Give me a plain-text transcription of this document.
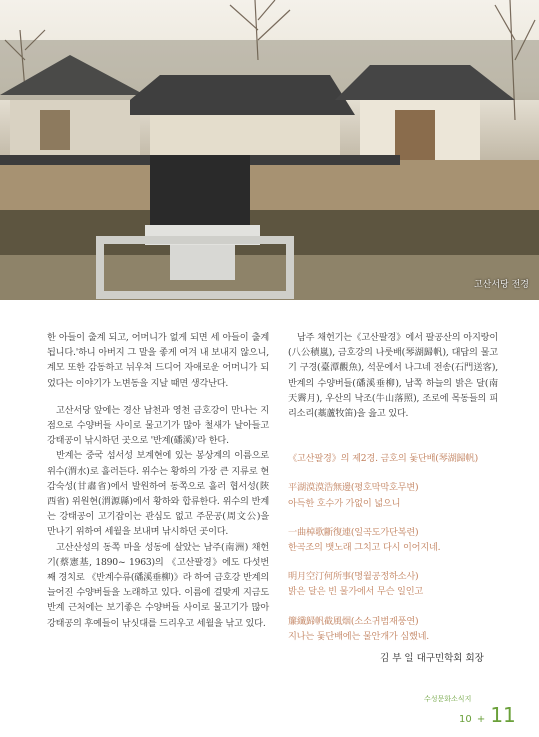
고산서당 전경

한 아들이 출계 되고, 어머니가 없게 되면 세 아들이 출계 됩니다.'하니 아버지 그 말을 좋게 여겨 내 보내지 않으니, 계모 또한 감동하고 뉘우쳐 드디어 자애로운 어머니가 되었다는 이야기가 노변동을 지날 때면 생각난다.

고산서당 앞에는 경산 남천과 영천 금호강이 만나는 지점으로 수양버들 사이로 물고기가 많아 철새가 날아들고 강태공이 낚시하던 곳으로 '반계(磻溪)'라 한다.

반계는 중국 섬서성 보계현에 있는 봉상계의 이름으로 위수(渭水)로 흘러든다. 위수는 황하의 가장 큰 지류로 현 감숙성(甘肅省)에서 발원하여 동쪽으로 흘러 협서성(陝西省) 위원현(渭源縣)에서 황하와 합류한다. 위수의 반계는 강태공이 고기잡이는 관심도 없고 주문공(周文公)을 만나기 위하여 세월을 보내며 낚시하던 곳이다.

고산산성의 동쪽 마을 성동에 살았는 남주(南洲) 채헌기(蔡憲基, 1890~ 1963)의 《고산팔경》에도 다섯번째 경치로 《반계수류(磻溪垂柳)》라 하여 금호강 반계의 늘어진 수양버들을 노래하고 있다. 이름에 걸맞게 지금도 반계 근처에는 보기좋은 수양버들 사이로 물고기가 많아 강태공의 후예들이 낚싯대를 드리우고 세월을 낚고 있다.

남주 채헌기는《고산팔경》에서 팔공산의 아지랑이(八公積嵐), 금호강의 나룻배(琴湖歸帆), 대답의 물고기 구경(臺潭觀魚), 석문에서 나그네 전송(石門送客), 반계의 수양버들(磻溪垂柳), 남쪽 하늘의 밝은 달(南天霽月), 우산의 낙조(牛山落照), 조로에 목동들의 피리소리(藁蘆牧笛)을 읊고 있다.

《고산팔경》의 제2경. 금호의 돛단배(琴湖歸帆)

平湖漠漠浩無邊(평호막막호무변)

아득한 호수가 가없이 넓으니

一曲棹歌斷復連(일곡도가단복련)

한곡조의 뱃노래 그치고 다시 이어지네.

明月空汀何所事(명월공정하소사)

밝은 달은 빈 물가에서 무슨 일인고

簾纖歸帆截風烟(소소귀범재풍연)

지나는 돛단배에는 물안개가 심했네.

김 부 일 대구민학회 회장
수성문화소식지
10 + 11
